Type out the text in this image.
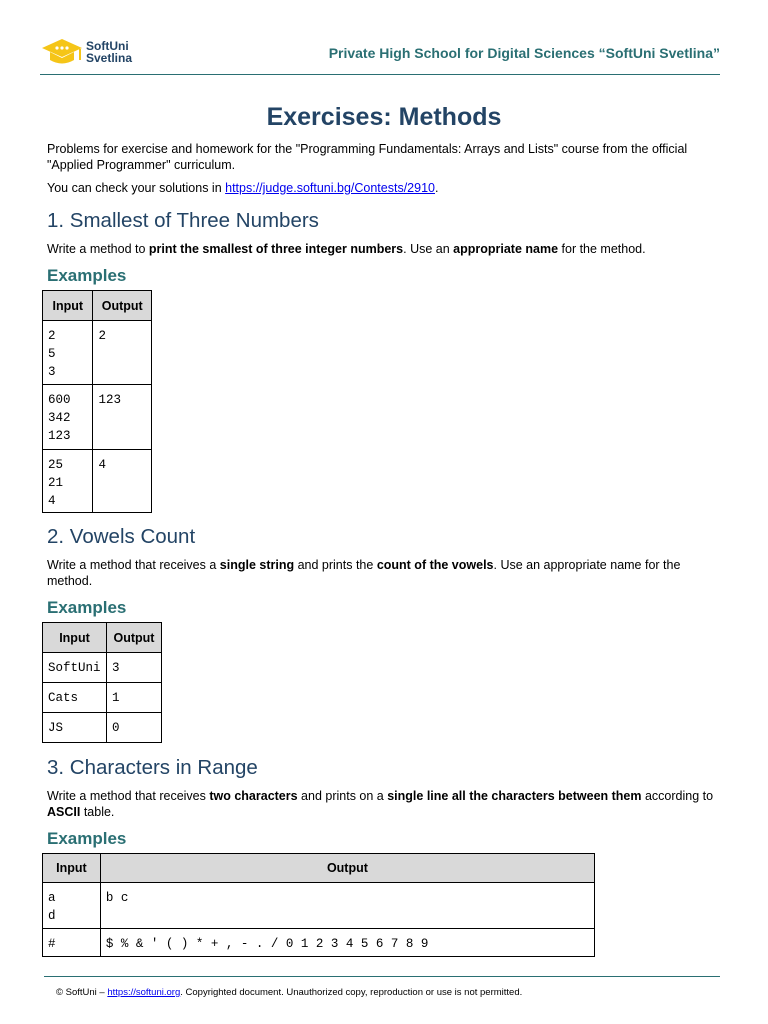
SoftUni
Svetlina	Private High School for Digital Sciences “SoftUni Svetlina”
Exercises: Methods

Problems for exercise and homework for the "Programming Fundamentals: Arrays and Lists" course from the official "Applied Programmer" curriculum.

You can check your solutions in https://judge.softuni.bg/Contests/2910.

1. Smallest of Three Numbers

Write a method to print the smallest of three integer numbers. Use an appropriate name for the method.

Examples
Input	Output
2
5
3	2
600
342
123	123
25
21
4	4
2. Vowels Count

Write a method that receives a single string and prints the count of the vowels. Use an appropriate name for the method.

Examples
Input	Output
SoftUni	3
Cats	1
JS	0
3. Characters in Range

Write a method that receives two characters and prints on a single line all the characters between them according to ASCII table.

Examples
Input	Output
a
d	b c
#	$ % & ' ( ) * + , - . / 0 1 2 3 4 5 6 7 8 9
© SoftUni – https://softuni.org. Copyrighted document. Unauthorized copy, reproduction or use is not permitted.
